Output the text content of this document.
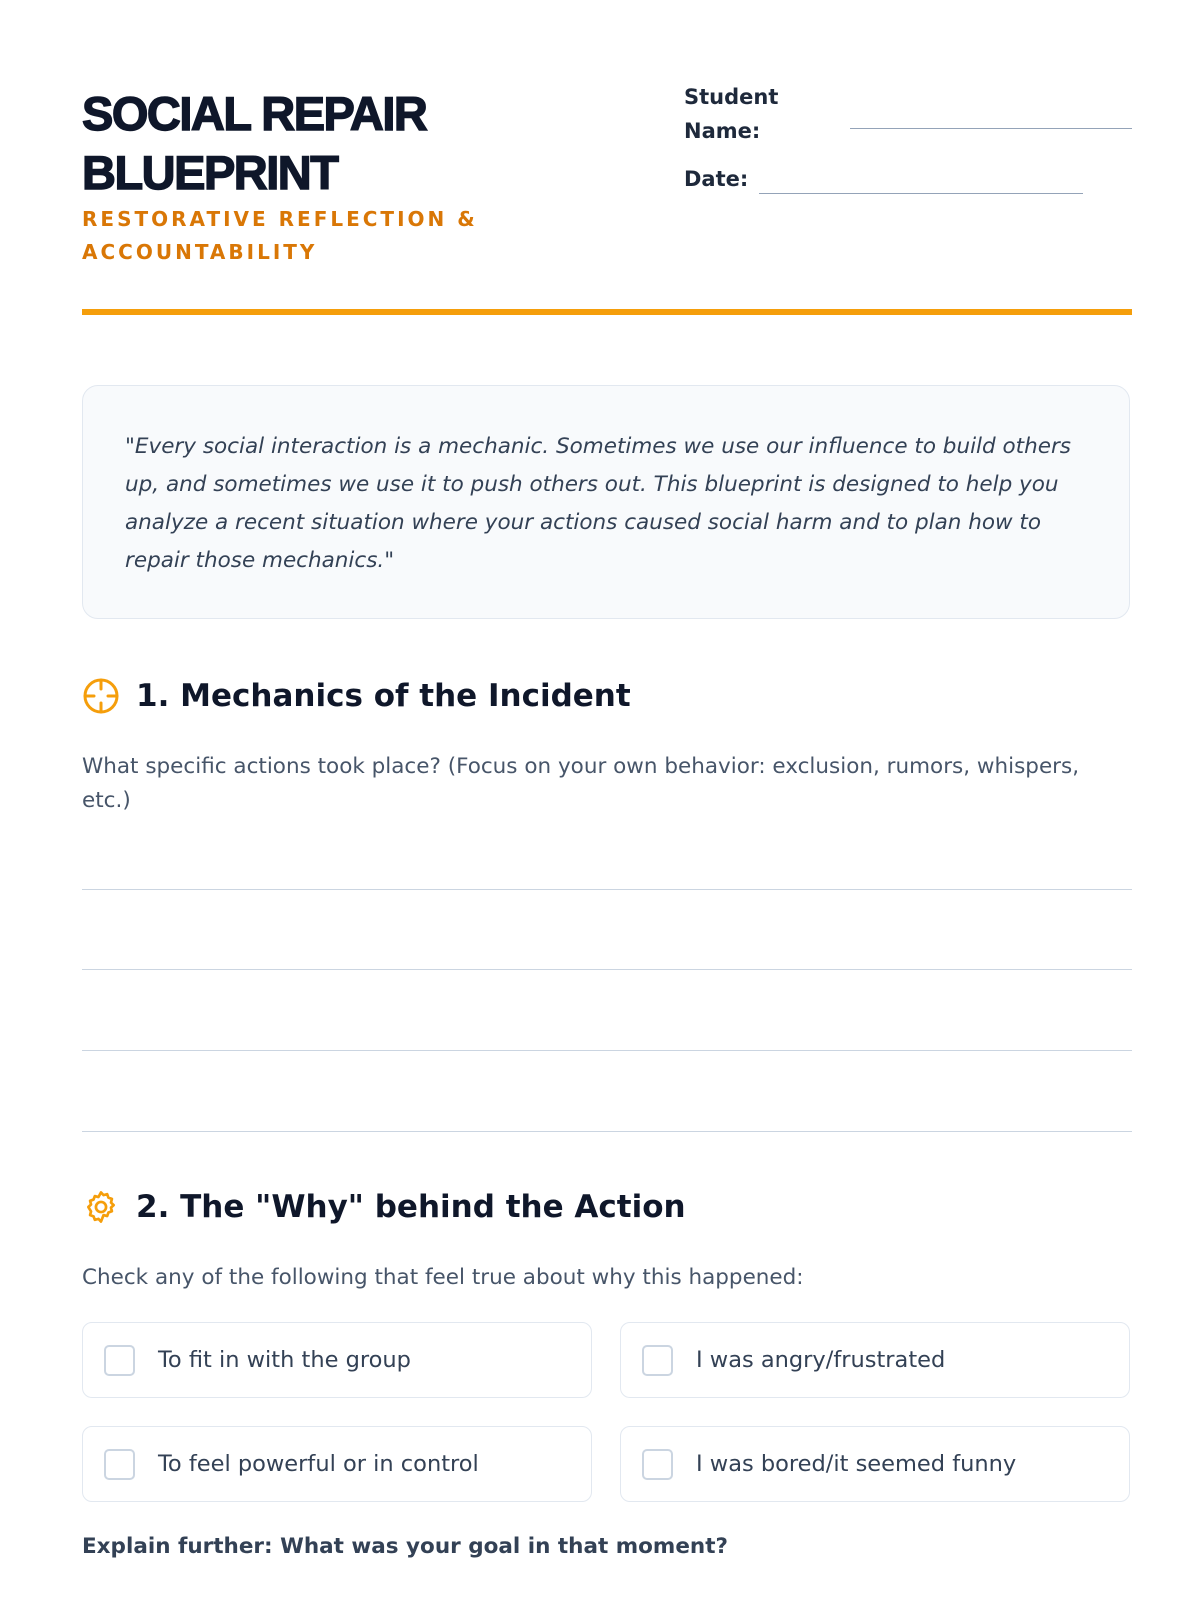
SOCIAL REPAIR BLUEPRINT

RESTORATIVE REFLECTION & ACCOUNTABILITY

Student Name:

Date:

"Every social interaction is a mechanic. Sometimes we use our influence to build others up, and sometimes we use it to push others out. This blueprint is designed to help you analyze a recent situation where your actions caused social harm and to plan how to repair those mechanics."

1. Mechanics of the Incident

What specific actions took place? (Focus on your own behavior: exclusion, rumors, whispers, etc.)

2. The "Why" behind the Action

Check any of the following that feel true about why this happened:

To fit in with the group	I was angry/frustrated
To feel powerful or in control	I was bored/it seemed funny

Explain further: What was your goal in that moment?
